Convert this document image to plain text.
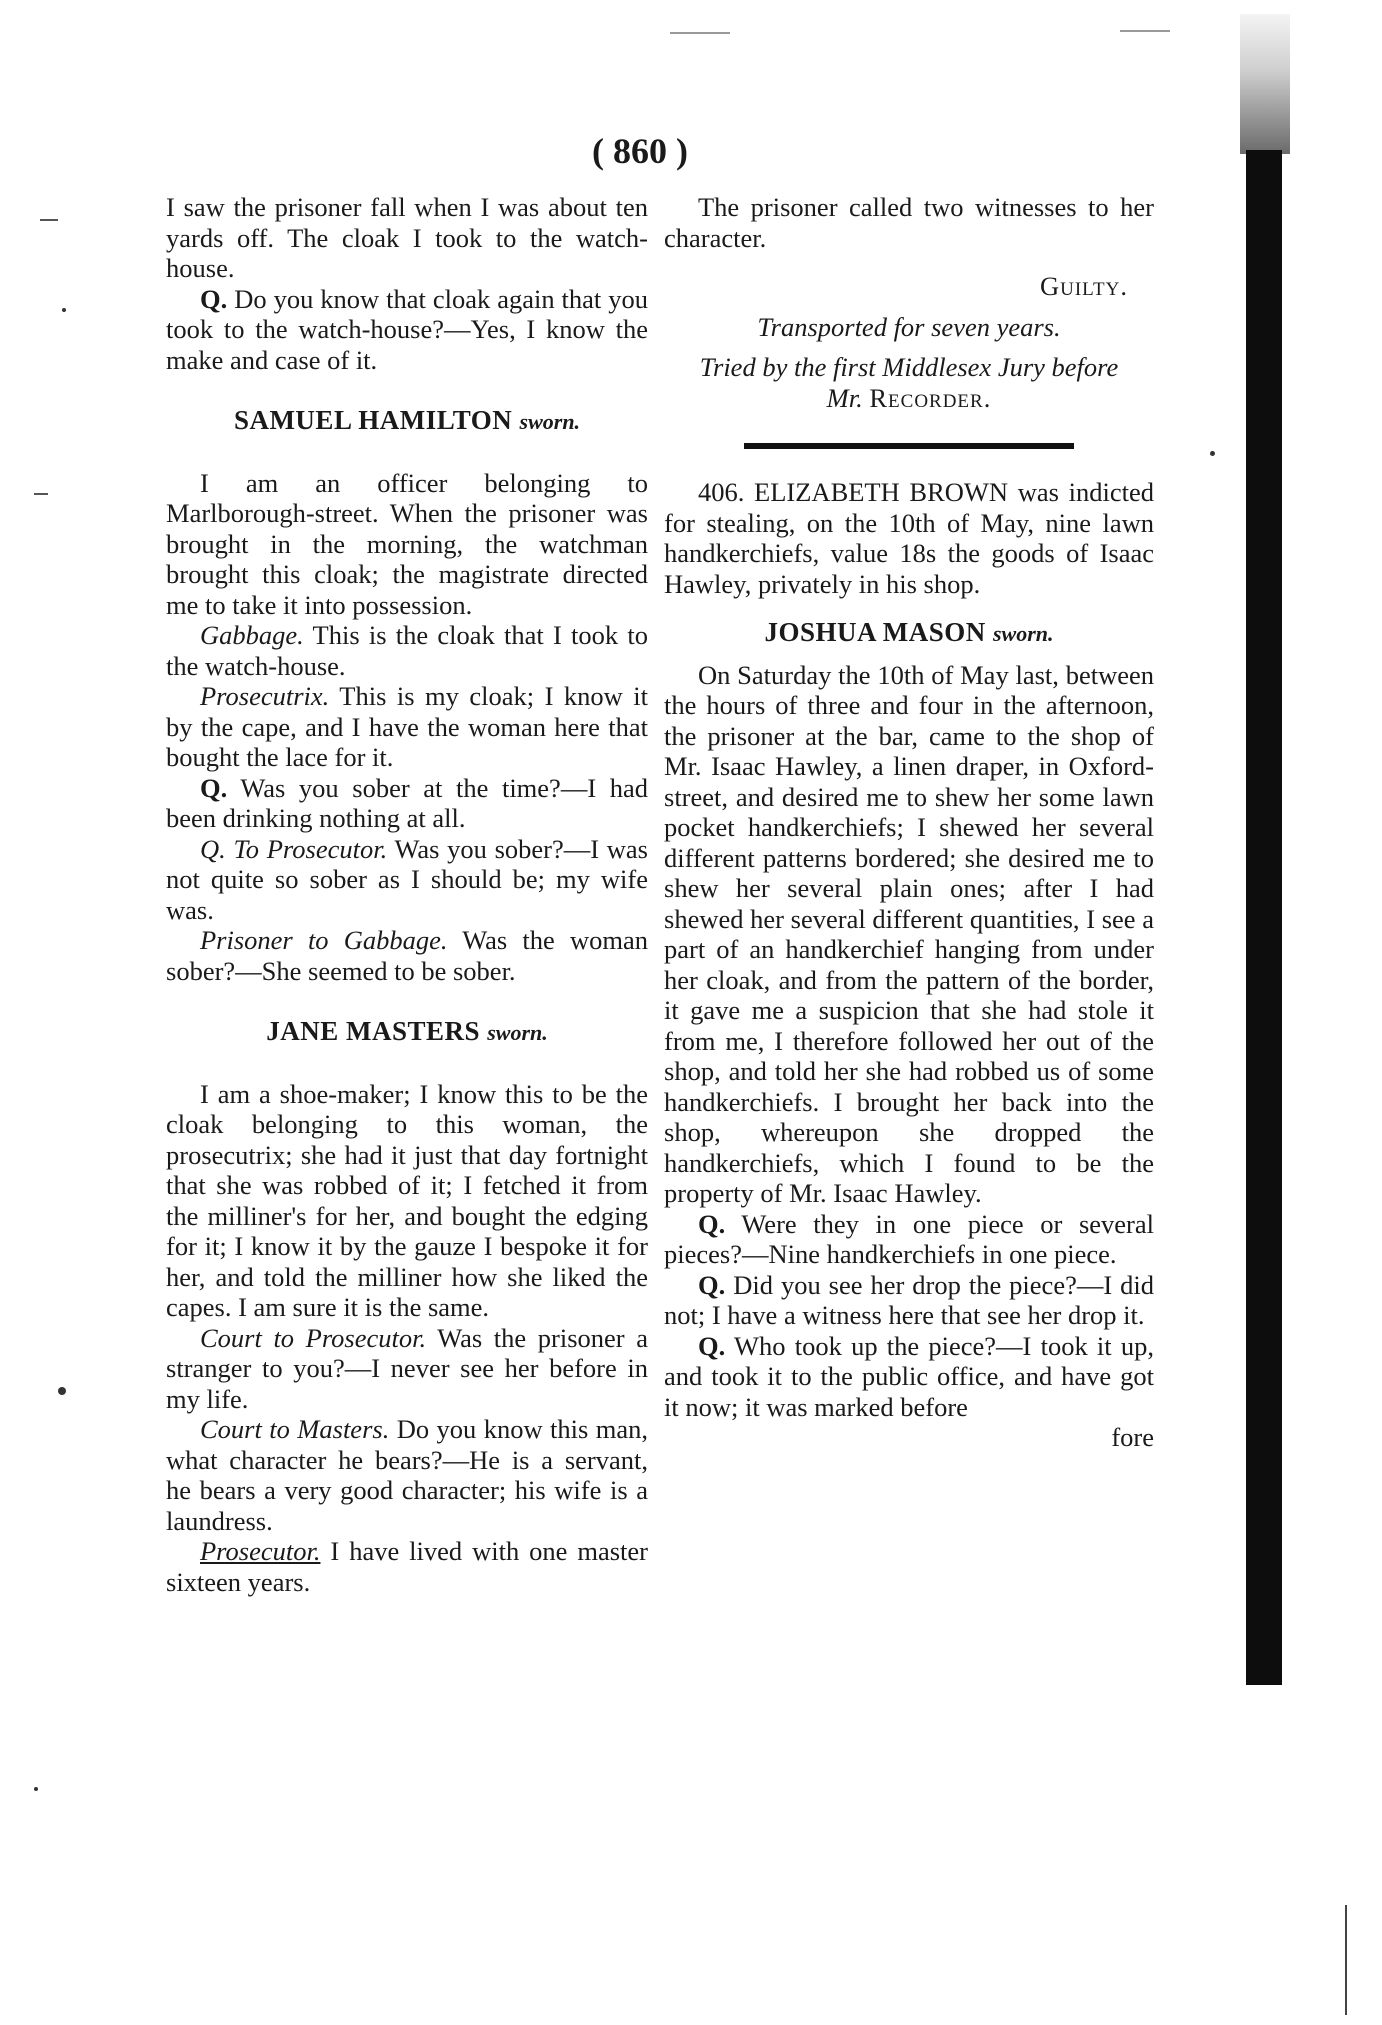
( 860 )

I saw the prisoner fall when I was about ten yards off. The cloak I took to the watch-house.

Q. Do you know that cloak again that you took to the watch-house?—Yes, I know the make and case of it.

SAMUEL HAMILTON sworn.

I am an officer belonging to Marlborough-street. When the prisoner was brought in the morning, the watchman brought this cloak; the magistrate directed me to take it into possession.

Gabbage. This is the cloak that I took to the watch-house.

Prosecutrix. This is my cloak; I know it by the cape, and I have the woman here that bought the lace for it.

Q. Was you sober at the time?—I had been drinking nothing at all.

Q. To Prosecutor. Was you sober?—I was not quite so sober as I should be; my wife was.

Prisoner to Gabbage. Was the woman sober?—She seemed to be sober.

JANE MASTERS sworn.

I am a shoe-maker; I know this to be the cloak belonging to this woman, the prosecutrix; she had it just that day fortnight that she was robbed of it; I fetched it from the milliner's for her, and bought the edging for it; I know it by the gauze I bespoke it for her, and told the milliner how she liked the capes. I am sure it is the same.

Court to Prosecutor. Was the prisoner a stranger to you?—I never see her before in my life.

Court to Masters. Do you know this man, what character he bears?—He is a servant, he bears a very good character; his wife is a laundress.

Prosecutor. I have lived with one master sixteen years.

The prisoner called two witnesses to her character.

Guilty.

Transported for seven years.

Tried by the first Middlesex Jury before

Mr. Recorder.

406. ELIZABETH BROWN was indicted for stealing, on the 10th of May, nine lawn handkerchiefs, value 18s the goods of Isaac Hawley, privately in his shop.

JOSHUA MASON sworn.

On Saturday the 10th of May last, between the hours of three and four in the afternoon, the prisoner at the bar, came to the shop of Mr. Isaac Hawley, a linen draper, in Oxford-street, and desired me to shew her some lawn pocket handkerchiefs; I shewed her several different patterns bordered; she desired me to shew her several plain ones; after I had shewed her several different quantities, I see a part of an handkerchief hanging from under her cloak, and from the pattern of the border, it gave me a suspicion that she had stole it from me, I therefore followed her out of the shop, and told her she had robbed us of some handkerchiefs. I brought her back into the shop, whereupon she dropped the handkerchiefs, which I found to be the property of Mr. Isaac Hawley.

Q. Were they in one piece or several pieces?—Nine handkerchiefs in one piece.

Q. Did you see her drop the piece?—I did not; I have a witness here that see her drop it.

Q. Who took up the piece?—I took it up, and took it to the public office, and have got it now; it was marked before

fore
